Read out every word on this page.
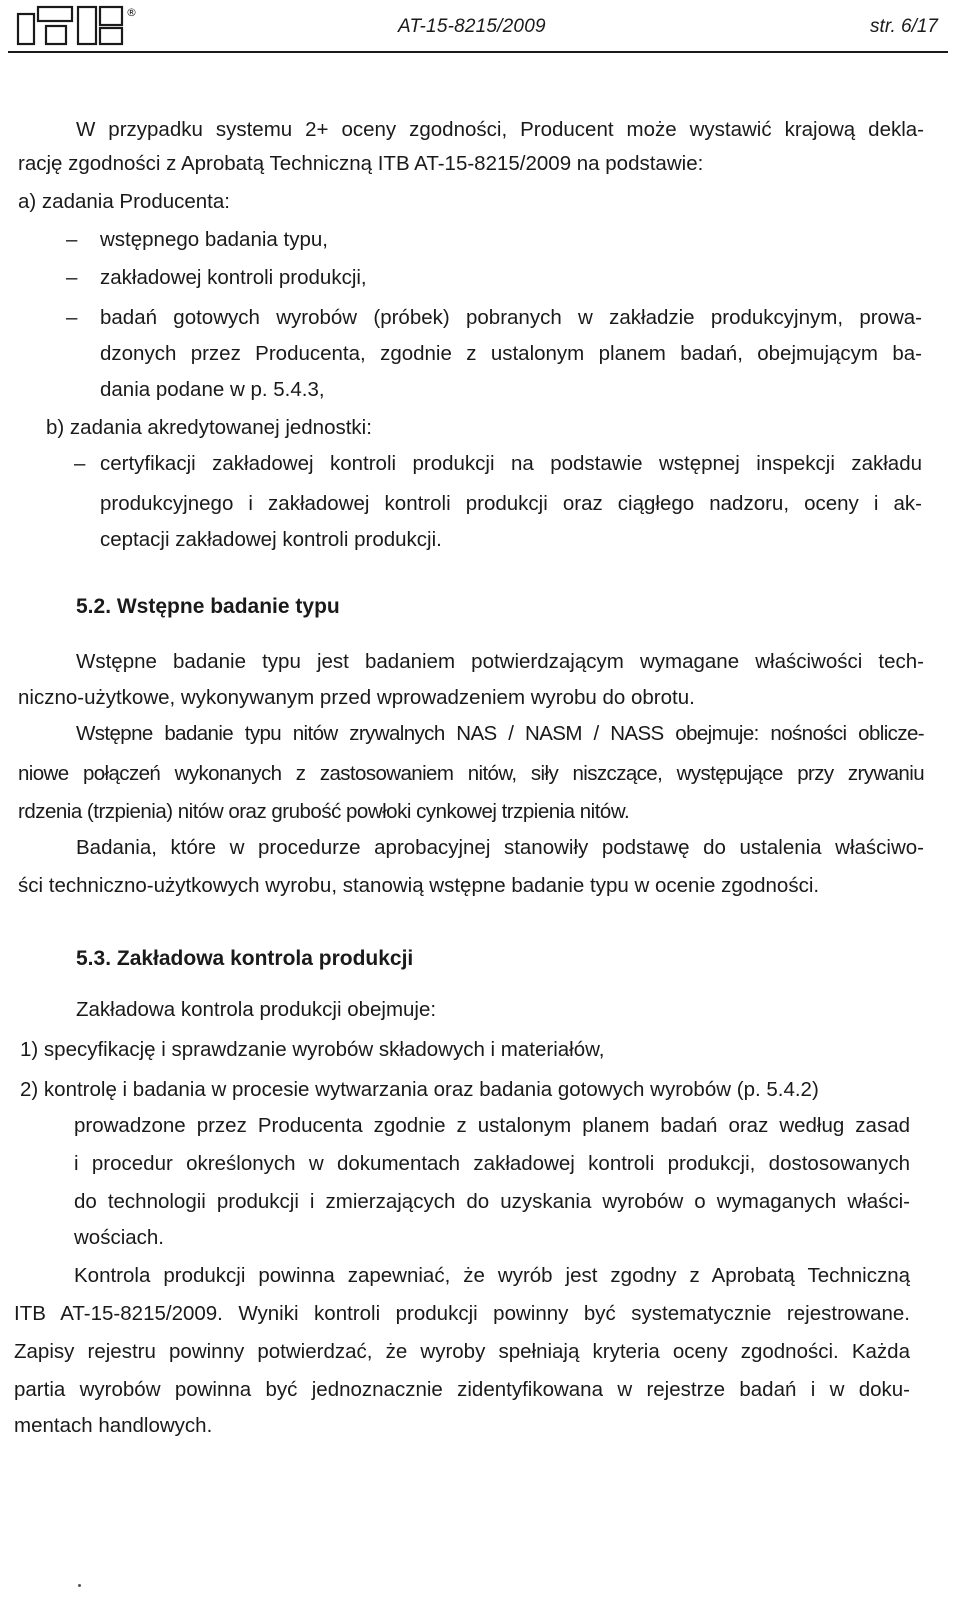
®
AT-15-8215/2009	str. 6/17
W przypadku systemu 2+ oceny zgodności, Producent może wystawić krajową dekla-
rację zgodności z Aprobatą Techniczną ITB AT-15-8215/2009 na podstawie:
a) zadania Producenta:
– wstępnego badania typu,
– zakładowej kontroli produkcji,
– badań gotowych wyrobów (próbek) pobranych w zakładzie produkcyjnym, prowa-
dzonych przez Producenta, zgodnie z ustalonym planem badań, obejmującym ba-
dania podane w p. 5.4.3,
b) zadania akredytowanej jednostki:
– certyfikacji zakładowej kontroli produkcji na podstawie wstępnej inspekcji zakładu
produkcyjnego i zakładowej kontroli produkcji oraz ciągłego nadzoru, oceny i ak-
ceptacji zakładowej kontroli produkcji.
5.2. Wstępne badanie typu
Wstępne badanie typu jest badaniem potwierdzającym wymagane właściwości tech-
niczno-użytkowe, wykonywanym przed wprowadzeniem wyrobu do obrotu.
Wstępne badanie typu nitów zrywalnych NAS / NASM / NASS obejmuje: nośności oblicze-
niowe połączeń wykonanych z zastosowaniem nitów, siły niszczące, występujące przy zrywaniu
rdzenia (trzpienia) nitów oraz grubość powłoki cynkowej trzpienia nitów.
Badania, które w procedurze aprobacyjnej stanowiły podstawę do ustalenia właściwo-
ści techniczno-użytkowych wyrobu, stanowią wstępne badanie typu w ocenie zgodności.
5.3. Zakładowa kontrola produkcji
Zakładowa kontrola produkcji obejmuje:
1) specyfikację i sprawdzanie wyrobów składowych i materiałów,
2) kontrolę i badania w procesie wytwarzania oraz badania gotowych wyrobów (p. 5.4.2)
prowadzone przez Producenta zgodnie z ustalonym planem badań oraz według zasad
i procedur określonych w dokumentach zakładowej kontroli produkcji, dostosowanych
do technologii produkcji i zmierzających do uzyskania wyrobów o wymaganych właści-
wościach.
Kontrola produkcji powinna zapewniać, że wyrób jest zgodny z Aprobatą Techniczną
ITB AT-15-8215/2009. Wyniki kontroli produkcji powinny być systematycznie rejestrowane.
Zapisy rejestru powinny potwierdzać, że wyroby spełniają kryteria oceny zgodności. Każda
partia wyrobów powinna być jednoznacznie zidentyfikowana w rejestrze badań i w doku-
mentach handlowych.
